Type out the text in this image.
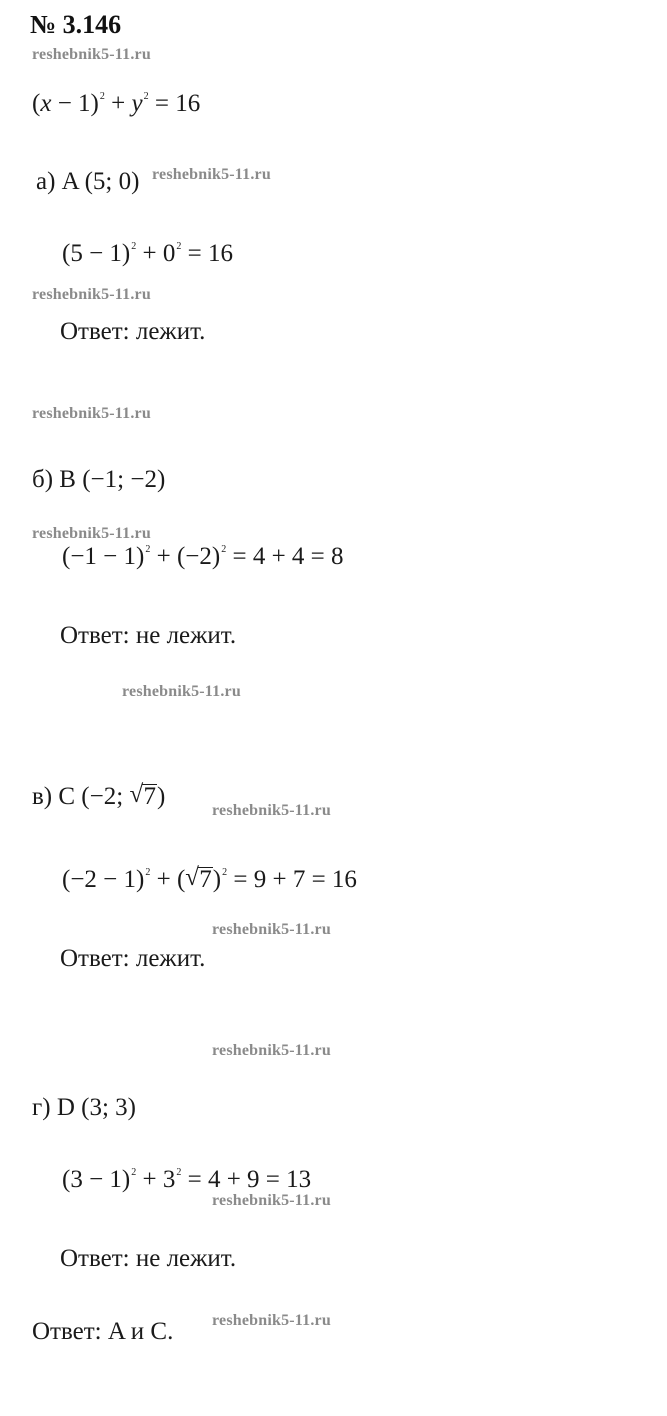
№ 3.146
reshebnik5-11.ru
reshebnik5-11.ru
reshebnik5-11.ru
reshebnik5-11.ru
reshebnik5-11.ru
reshebnik5-11.ru
reshebnik5-11.ru
reshebnik5-11.ru
reshebnik5-11.ru
reshebnik5-11.ru
reshebnik5-11.ru
$(x - 1)^2 + y^2 = 16$
а) A (5; 0)
$(5 - 1)^2 + 0^2 = 16$
Ответ: лежит.
б) B (−1; −2)
$(-1 - 1)^2 + (-2)^2 = 4 + 4 = 8$
Ответ: не лежит.
в) C (−2; √ 7)
$(-2 - 1)^2$ + ( √ 7)$^2$ = 9 + 7 = 16
Ответ: лежит.
г) D (3; 3)
$(3 - 1)^2 + 3^2 = 4 + 9 = 13$
Ответ: не лежит.
Ответ: A и C.
